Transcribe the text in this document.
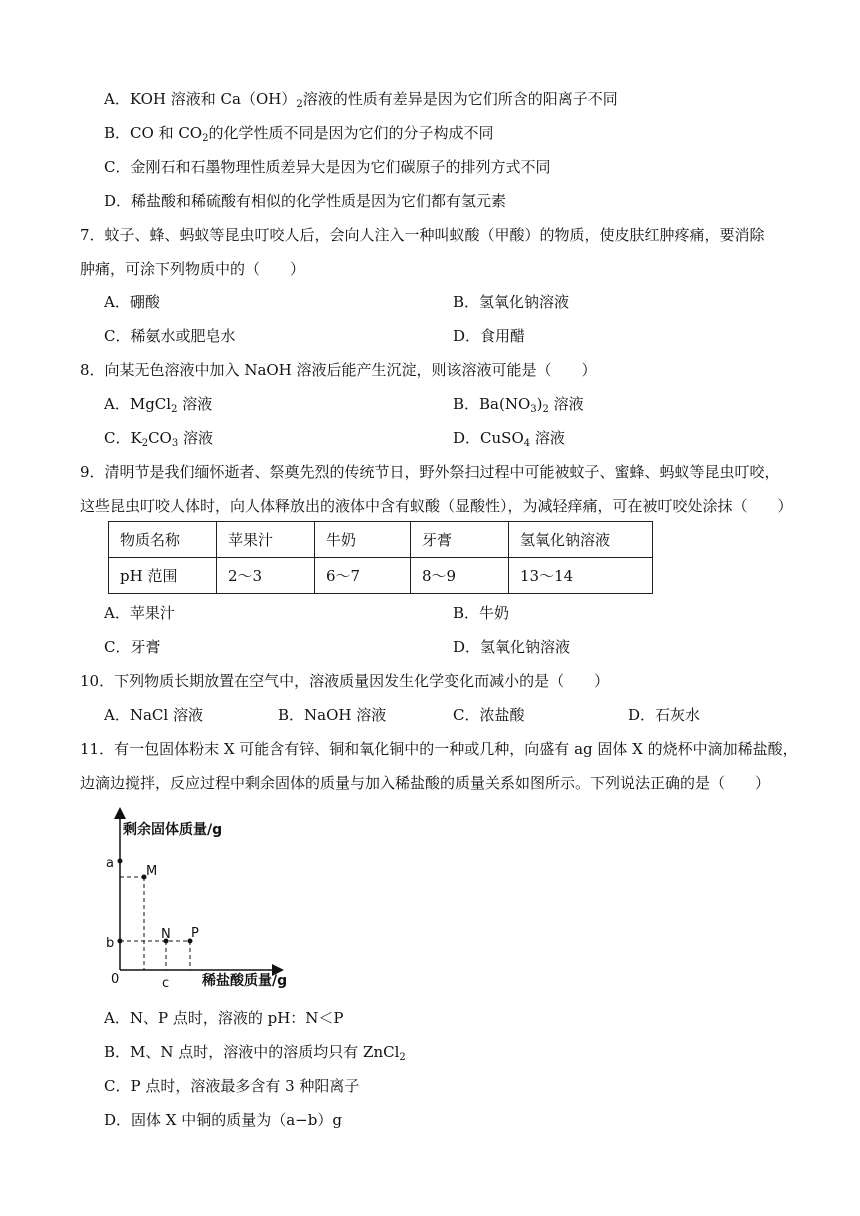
A．KOH 溶液和 $Ca(OH)_2$溶液的性质有差异是因为它们所含的阳离子不同
B．CO 和 $CO_2$的化学性质不同是因为它们的分子构成不同
C．金刚石和石墨物理性质差异大是因为它们碳原子的排列方式不同
D．稀盐酸和稀硫酸有相似的化学性质是因为它们都有氢元素
7．蚊子、蜂、蚂蚁等昆虫叮咬人后，会向人注入一种叫蚁酸（甲酸）的物质，使皮肤红肿疼痛，要消除
肿痛，可涂下列物质中的（　　）
A．硼酸	B．氢氧化钠溶液
C．稀氨水或肥皂水	D．食用醋
8．向某无色溶液中加入 NaOH 溶液后能产生沉淀，则该溶液可能是（　　）
A．MgCl$_2$ 溶液	B．$Ba(NO_3)_2$ 溶液
C．$K_2CO_3$ 溶液	D．CuSO$_4$ 溶液
9．清明节是我们缅怀逝者、祭奠先烈的传统节日，野外祭扫过程中可能被蚊子、蜜蜂、蚂蚁等昆虫叮咬，
这些昆虫叮咬人体时，向人体释放出的液体中含有蚁酸（显酸性），为减轻痒痛，可在被叮咬处涂抹（　　）
物质名称	苹果汁	牛奶	牙膏	氢氧化钠溶液
pH 范围	2～3	6～7	8～9	13～14
A．苹果汁	B．牛奶
C．牙膏	D．氢氧化钠溶液
10．下列物质长期放置在空气中，溶液质量因发生化学变化而减小的是（　　）
A．NaCl 溶液	B．NaOH 溶液	C．浓盐酸	D．石灰水
11．有一包固体粉末 X 可能含有锌、铜和氧化铜中的一种或几种，向盛有 ag 固体 X 的烧杯中滴加稀盐酸，
边滴边搅拌，反应过程中剩余固体的质量与加入稀盐酸的质量关系如图所示。下列说法正确的是（　　）
剩余固体质量/g
稀盐酸质量/g
0
a
b
c
M
N P
A．N、P 点时，溶液的 pH：N＜P
B．M、N 点时，溶液中的溶质均只有 ZnCl$_2$
C．P 点时，溶液最多含有 3 种阳离子
D．固体 X 中铜的质量为（a−b）g
